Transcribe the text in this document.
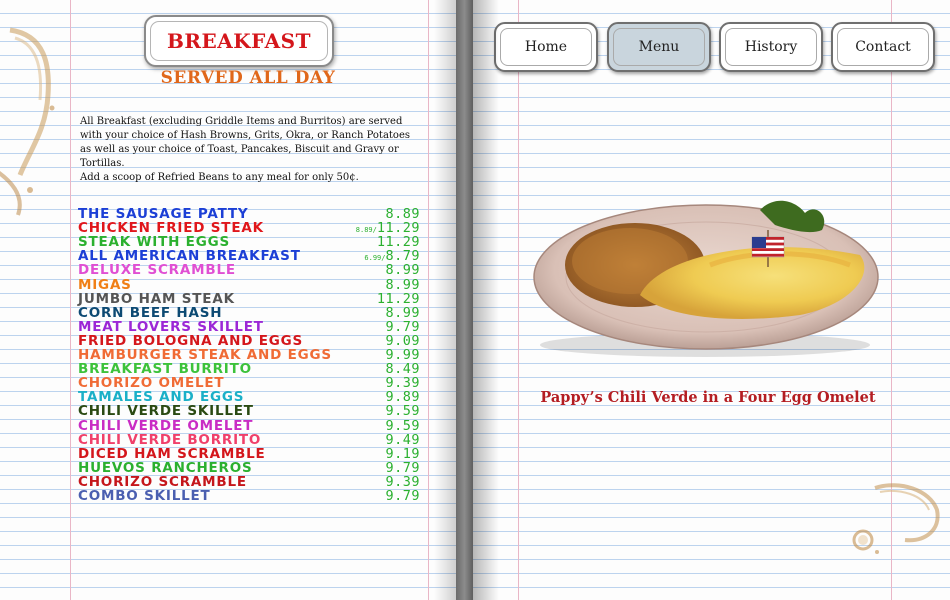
BREAKFAST
SERVED ALL DAY

All Breakfast (excluding Griddle Items and Burritos) are served with your choice of Hash Browns, Grits, Okra, or Ranch Potatoes as well as your choice of Toast, Pancakes, Biscuit and Gravy or Tortillas.

Add a scoop of Refried Beans to any meal for only 50¢.

THE SAUSAGE PATTY	8.89
CHICKEN FRIED STEAK	8.89/11.29
STEAK WITH EGGS	11.29
ALL AMERICAN BREAKFAST	6.99/8.79
DELUXE SCRAMBLE	8.99
MIGAS	8.99
JUMBO HAM STEAK	11.29
CORN BEEF HASH	8.99
MEAT LOVERS SKILLET	9.79
FRIED BOLOGNA AND EGGS	9.09
HAMBURGER STEAK AND EGGS	9.99
BREAKFAST BURRITO	8.49
CHORIZO OMELET	9.39
TAMALES AND EGGS	9.89
CHILI VERDE SKILLET	9.59
CHILI VERDE OMELET	9.59
CHILI VERDE BORRITO	9.49
DICED HAM SCRAMBLE	9.19
HUEVOS RANCHEROS	9.79
CHORIZO SCRAMBLE	9.39
COMBO SKILLET	9.79
Home	Menu	History	Contact
Pappy’s Chili Verde in a Four Egg Omelet
